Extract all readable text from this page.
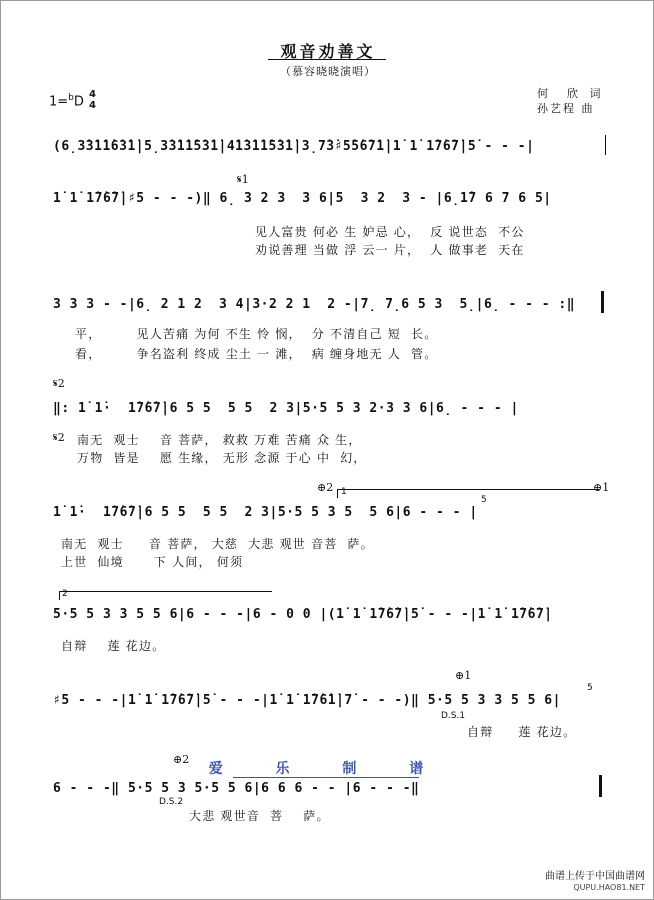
观音劝善文
（慕容晓晓演唱）
何　欣 词
孙艺程 曲
1=$^b$D 4
4
(6̣3̇3̇1̇1̇6̇3̇1̇|5̣3̇3̇1̇1̇5̇3̇1̇|4̇1̇3̇1̇1̇5̇3̇1̇|3̣7̇3̇♯5̇5̇6̇7̇1̇|1̇ 1̇ 1̇7̇6̇7̇|5̇ - - -|
𝄋1
1̇ 1̇ 1̇7̇6̇7̇|♯5 - - -)‖ 6̣ 3 2 3  3 6|5  3 2  3 - |6̣1̇7 6 7 6 5|
见人富贵 何必 生 妒忌 心，  反 说世态  不公
劝说善理 当做 浮 云一 片，  人 做事老  天在
3 3 3 - -|6̣ 2 1 2  3 4|3·2 2 1  2 -|7̣ 7̣6 5 3  5̣|6̣ - - - :‖
平，       见人苦痛 为何 不生 怜 悯，  分 不清自己 短  长。
看，       争名盗利 终成 尘土 一 滩，  病 缠身地无 人  管。
𝄋2
‖: 1̇ 1̇·  1̇7̇6̇7̇|6 5 5  5 5  2 3|5·5 5 3 2·3 3 6|6̣ - - - |
𝄋2 南无  观士    音 菩萨， 救救 万难 苦痛 众 生，
万物  皆是    愿 生缘， 无形 念源 于心 中  幻，
⊕2 1	⊕1
5
1̇ 1̇·  1̇7̇6̇7̇|6 5 5  5 5  2 3|5·5 5 3 5  5 6|6 - - - |
南无  观士     音 菩萨， 大慈  大悲 观世 音菩  萨。
上世  仙境      下 人间， 何须
2
5·5 5 3 3 5 5 6|6 - - -|6 - 0 0 |(1̇ 1̇ 1̇7̇6̇7̇|5̇ - - -|1̇ 1̇ 1̇7̇6̇7̇|
自辩    莲 花边。
⊕1
5
♯5 - - -|1̇ 1̇ 1̇7̇6̇7̇|5̇ - - -|1̇ 1̇ 1̇7̇6̇1̇|7̇ - - -)‖ 5·5 5 3 3 5 5 6|
D.S.1
自辩     莲 花边。
⊕2
爱 乐 制 谱
6 - - -‖ 5·5 5 3 5·5 5 6|6 6 6 - - |6 - - -‖
D.S.2
大悲 观世音  菩    萨。
曲谱上传于中国曲谱网
QUPU.HAO81.NET
